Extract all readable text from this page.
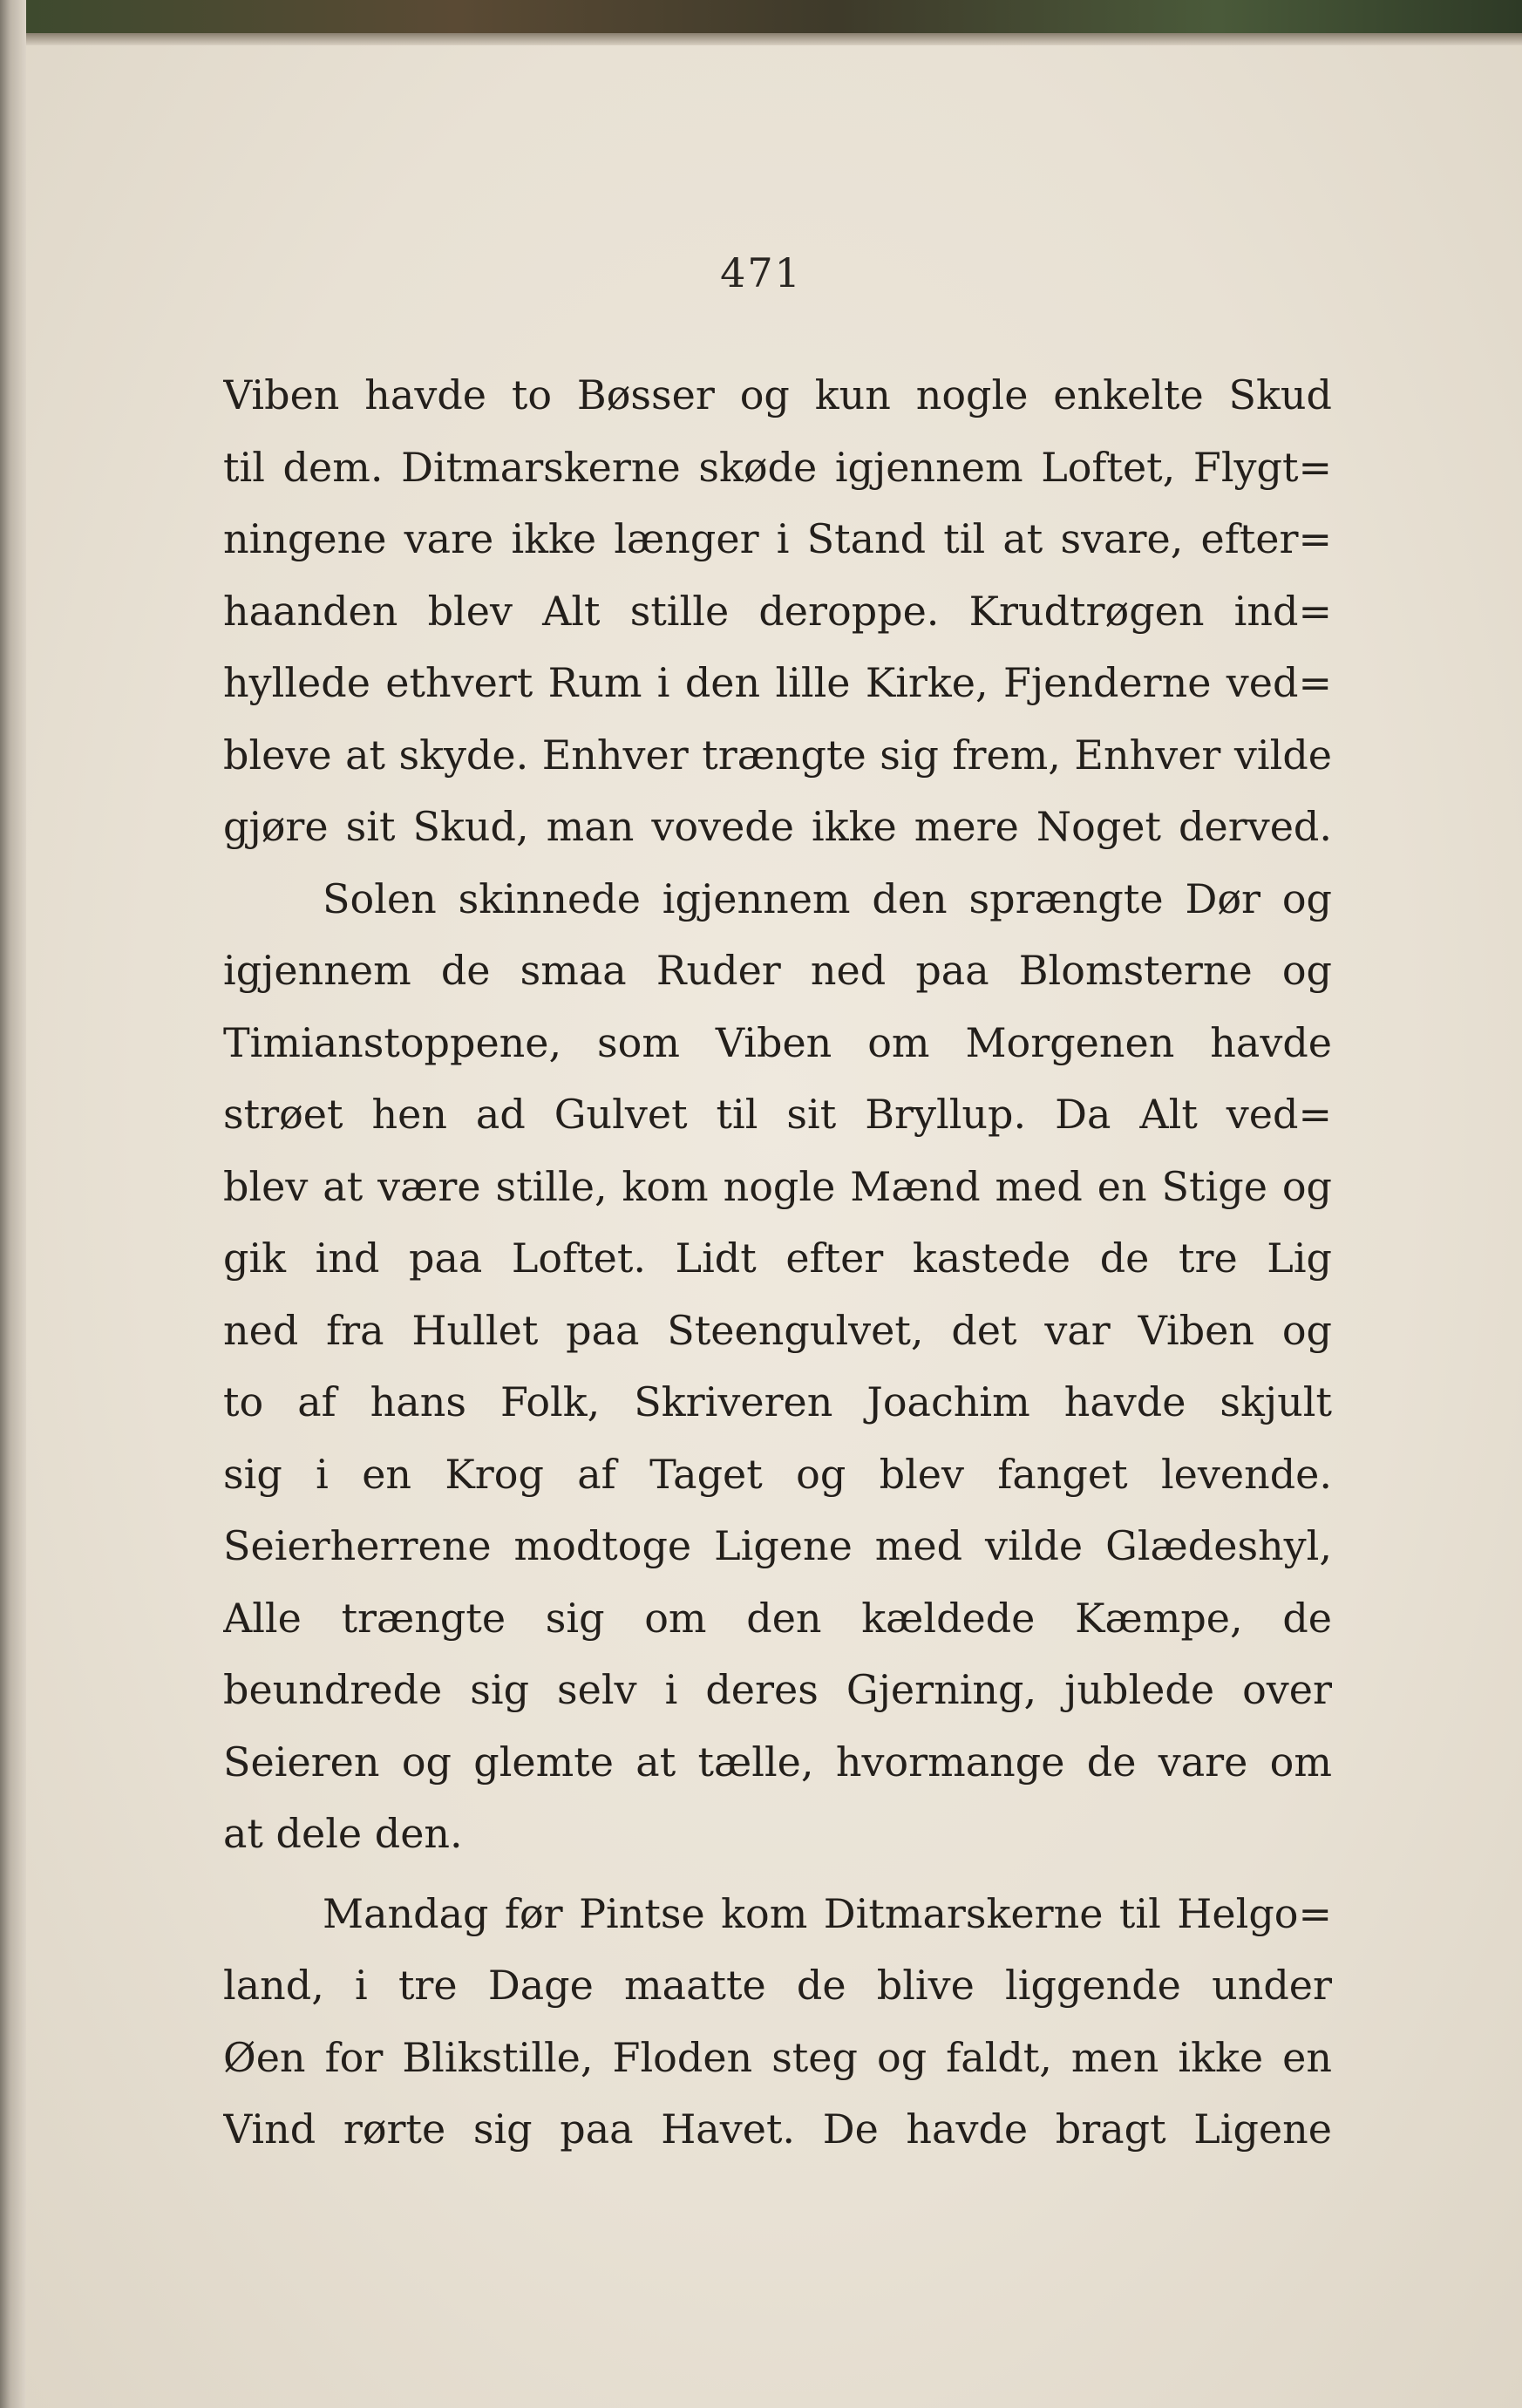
471
Viben havde to Bøsser og kun nogle enkelte Skud
til dem. Ditmarskerne skøde igjennem Loftet, Flygt=
ningene vare ikke længer i Stand til at svare, efter=
haanden blev Alt stille deroppe. Krudtrøgen ind=
hyllede ethvert Rum i den lille Kirke, Fjenderne ved=
bleve at skyde. Enhver trængte sig frem, Enhver vilde
gjøre sit Skud, man vovede ikke mere Noget derved.
Solen skinnede igjennem den sprængte Dør og
igjennem de smaa Ruder ned paa Blomsterne og
Timianstoppene, som Viben om Morgenen havde
strøet hen ad Gulvet til sit Bryllup. Da Alt ved=
blev at være stille, kom nogle Mænd med en Stige og
gik ind paa Loftet. Lidt efter kastede de tre Lig
ned fra Hullet paa Steengulvet, det var Viben og
to af hans Folk, Skriveren Joachim havde skjult
sig i en Krog af Taget og blev fanget levende.
Seierherrene modtoge Ligene med vilde Glædeshyl,
Alle trængte sig om den kældede Kæmpe, de
beundrede sig selv i deres Gjerning, jublede over
Seieren og glemte at tælle, hvormange de vare om
at dele den.
Mandag før Pintse kom Ditmarskerne til Helgo=
land, i tre Dage maatte de blive liggende under
Øen for Blikstille, Floden steg og faldt, men ikke en
Vind rørte sig paa Havet. De havde bragt Ligene
